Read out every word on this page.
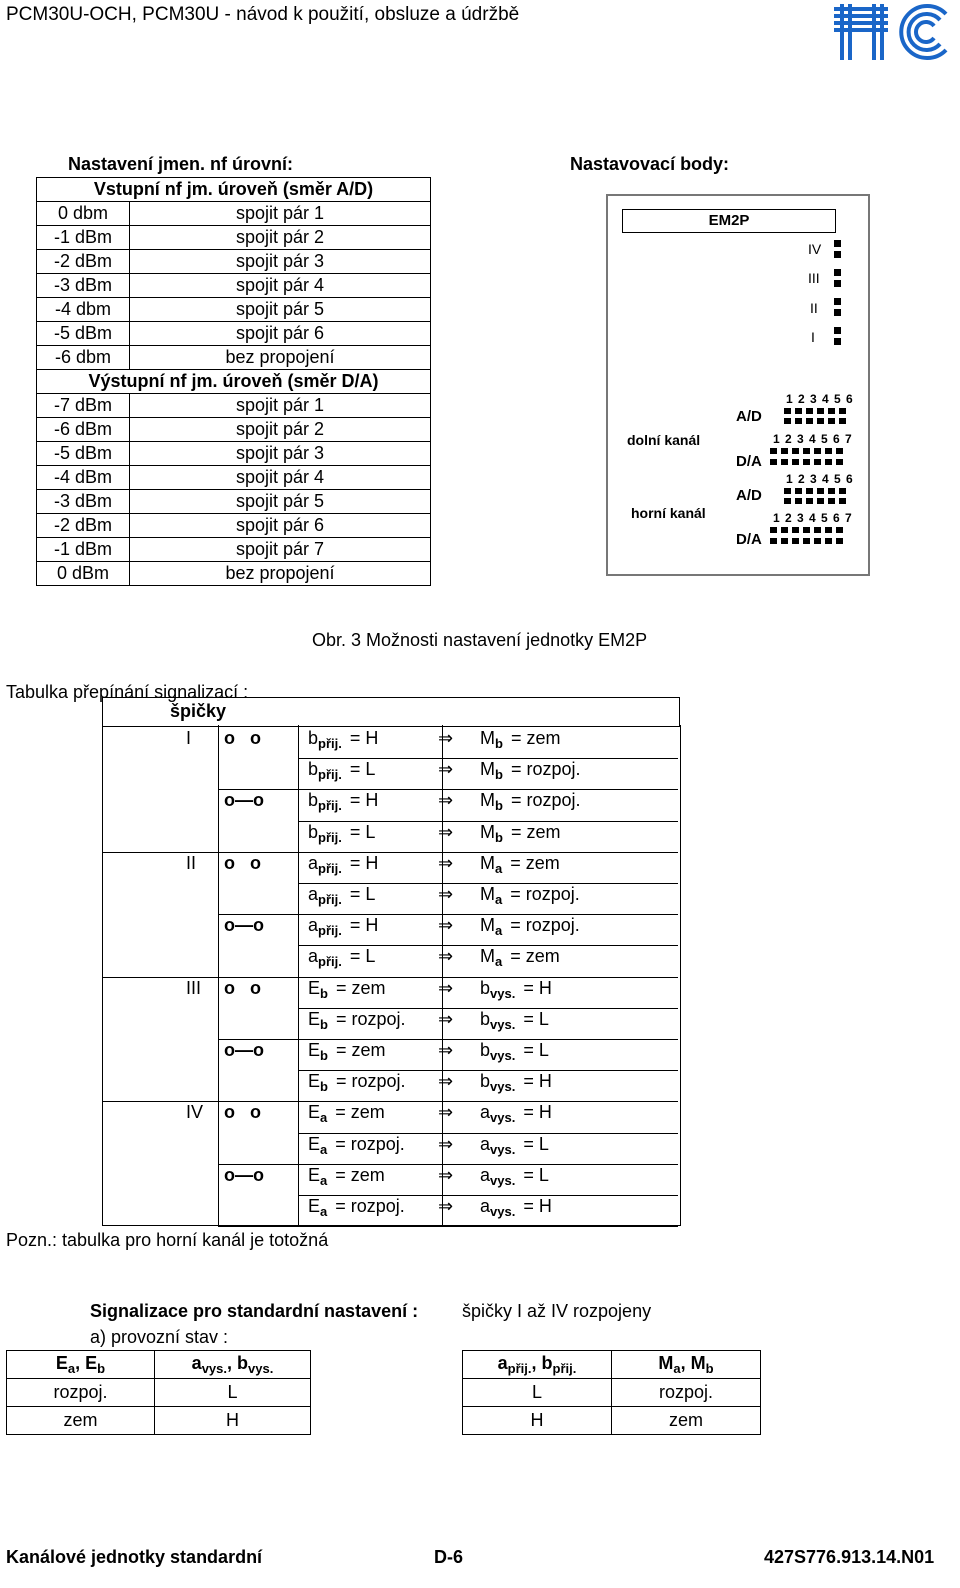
PCM30U-OCH, PCM30U - návod k použití, obsluze a údržbě
Nastavení jmen. nf úrovní:
Vstupní nf jm. úroveň (směr A/D)	
0 dbm	spojit pár 1
-1 dBm	spojit pár 2
-2 dBm	spojit pár 3
-3 dBm	spojit pár 4
-4 dbm	spojit pár 5
-5 dBm	spojit pár 6
-6 dbm	bez propojení
Výstupní nf jm. úroveň (směr D/A)	
-7 dBm	spojit pár 1
-6 dBm	spojit pár 2
-5 dBm	spojit pár 3
-4 dBm	spojit pár 4
-3 dBm	spojit pár 5
-2 dBm	spojit pár 6
-1 dBm	spojit pár 7
0 dBm	bez propojení
Nastavovací body:
EM2P
IV
III
II
I
1 2 3 4 5 6
A/D
dolní kanál	1 2 3 4 5 6 7
D/A
1 2 3 4 5 6
A/D
horní kanál	1 2 3 4 5 6 7
D/A
Obr. 3 Možnosti nastavení jednotky EM2P
Tabulka přepínání signalizací :
špičky
I o   o	$b_{přij.} = H$	⇒ $M_b$ = zem
$b_{přij.} = L$	⇒ $M_b$ = rozpoj.
o—o $b_{přij.} = H$	⇒ $M_b$ = rozpoj.
$b_{přij.} = L$	⇒ $M_b$ = zem
II o   o	$a_{přij.} = H$	⇒ $M_a$ = zem
$a_{přij.} = L$	⇒ $M_a$ = rozpoj.
o—o $a_{přij.} = H$	⇒ $M_a$ = rozpoj.
$a_{přij.} = L$	⇒ $M_a$ = zem
III o   o	$E_b$ = zem	⇒ $b_{vys.} = H$
$E_b$ = rozpoj. ⇒ $b_{vys.} = L$
o—o $E_b$ = zem	⇒ $b_{vys.} = L$
$E_b$ = rozpoj. ⇒ $b_{vys.} = H$
IV o   o	$E_a$ = zem	⇒ $a_{vys.} = H$
$E_a$ = rozpoj. ⇒ $a_{vys.} = L$
o—o $E_a$ = zem	⇒ $a_{vys.} = L$
$E_a$ = rozpoj. ⇒ $a_{vys.} = H$
Pozn.: tabulka pro horní kanál je totožná
Signalizace pro standardní nastavení : špičky I až IV rozpojeny
a) provozní stav :
$E_a$, $E_b$	$a_{vys.}$, $b_{vys.}$
rozpoj.	L
zem	H
$a_{přij.}$, $b_{přij.}$	$M_a$, $M_b$
L	rozpoj.
H	zem
Kanálové jednotky standardní	D-6	427S776.913.14.N01
